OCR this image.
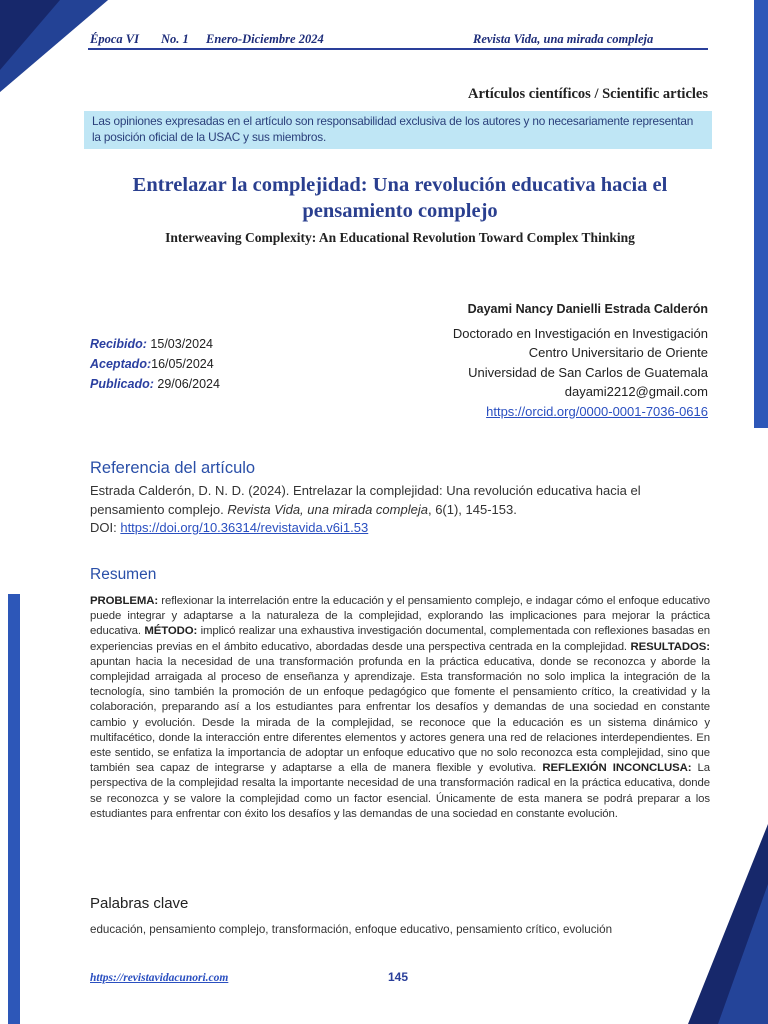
Época VI No. 1 Enero-Diciembre 2024	Revista Vida, una mirada compleja
Artículos científicos / Scientific articles
Las opiniones expresadas en el artículo son responsabilidad exclusiva de los autores y no necesariamente representan la posición oficial de la USAC y sus miembros.
Entrelazar la complejidad: Una revolución educativa hacia el pensamiento complejo
Interweaving Complexity: An Educational Revolution Toward Complex Thinking
Dayami Nancy Danielli Estrada Calderón
Doctorado en Investigación en Investigación
Centro Universitario de Oriente
Universidad de San Carlos de Guatemala
dayami2212@gmail.com
https://orcid.org/0000-0001-7036-0616
Recibido: 15/03/2024
Aceptado:16/05/2024
Publicado: 29/06/2024
Referencia del artículo
Estrada Calderón, D. N. D. (2024). Entrelazar la complejidad: Una revolución educativa hacia el pensamiento complejo. Revista Vida, una mirada compleja, 6(1), 145-153.
DOI: https://doi.org/10.36314/revistavida.v6i1.53
Resumen
PROBLEMA: reflexionar la interrelación entre la educación y el pensamiento complejo, e indagar cómo el enfoque educativo puede integrar y adaptarse a la naturaleza de la complejidad, explorando las implicaciones para mejorar la práctica educativa. MÉTODO: implicó realizar una exhaustiva investigación documental, complementada con reflexiones basadas en experiencias previas en el ámbito educativo, abordadas desde una perspectiva centrada en la complejidad. RESULTADOS: apuntan hacia la necesidad de una transformación profunda en la práctica educativa, donde se reconozca y aborde la complejidad arraigada al proceso de enseñanza y aprendizaje. Esta transformación no solo implica la integración de la tecnología, sino también la promoción de un enfoque pedagógico que fomente el pensamiento crítico, la creatividad y la colaboración, preparando así a los estudiantes para enfrentar los desafíos y demandas de una sociedad en constante cambio y evolución. Desde la mirada de la complejidad, se reconoce que la educación es un sistema dinámico y multifacético, donde la interacción entre diferentes elementos y actores genera una red de relaciones interdependientes. En este sentido, se enfatiza la importancia de adoptar un enfoque educativo que no solo reconozca esta complejidad, sino que también sea capaz de integrarse y adaptarse a ella de manera flexible y evolutiva. REFLEXIÓN INCONCLUSA: La perspectiva de la complejidad resalta la importante necesidad de una transformación radical en la práctica educativa, donde se reconozca y se valore la complejidad como un factor esencial. Únicamente de esta manera se podrá preparar a los estudiantes para enfrentar con éxito los desafíos y las demandas de una sociedad en constante evolución.
Palabras clave
educación, pensamiento complejo, transformación, enfoque educativo, pensamiento crítico, evolución
https://revistavidacunori.com	145
